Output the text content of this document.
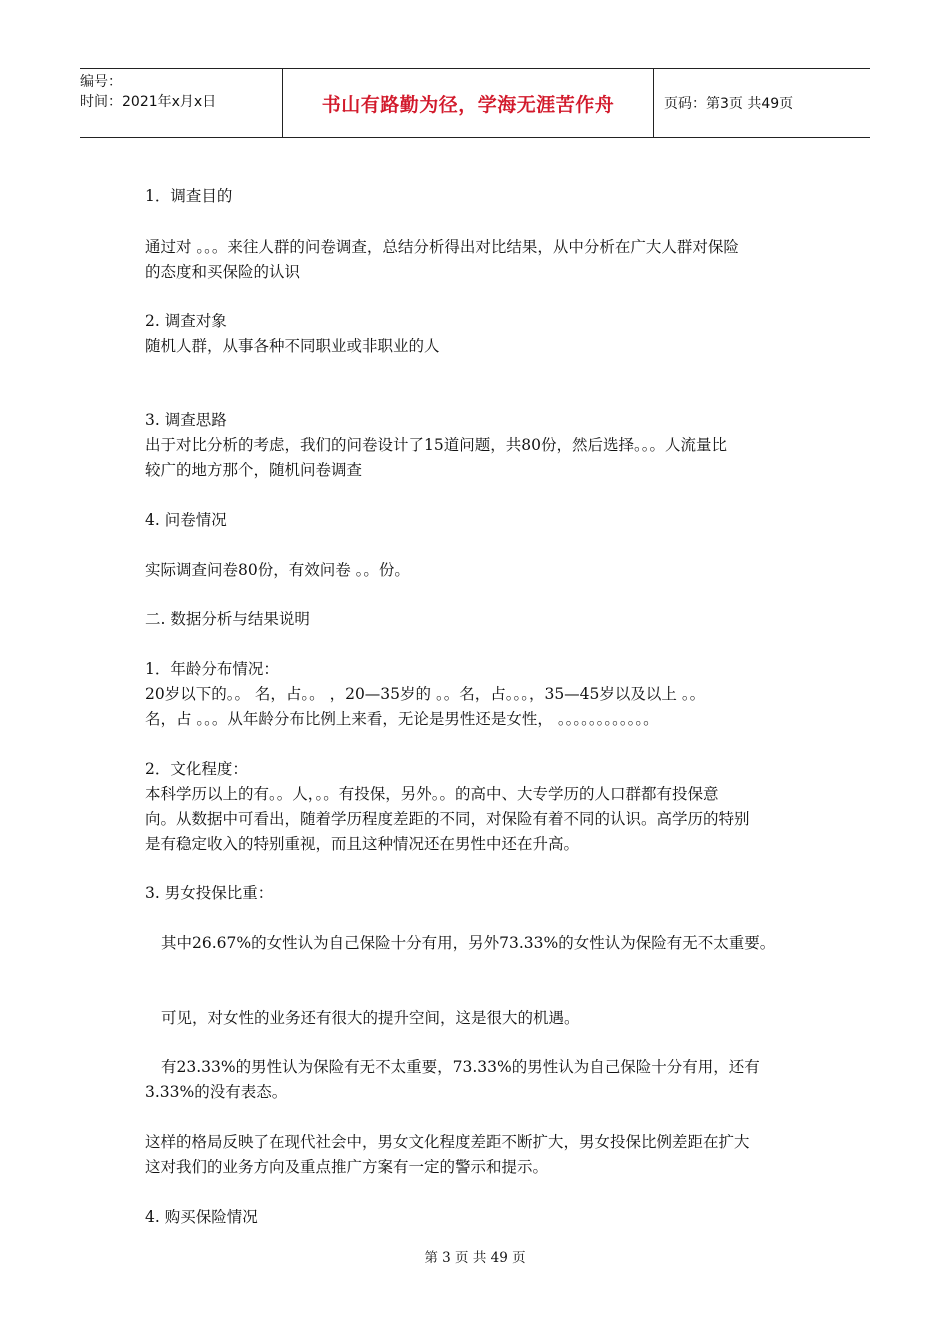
编号：
时间：2021年x月x日	书山有路勤为径，学海无涯苦作舟	页码：第3页 共49页
1．调查目的
通过对 。。。来往人群的问卷调查，总结分析得出对比结果，从中分析在广大人群对保险
的态度和买保险的认识
2. 调查对象
随机人群，从事各种不同职业或非职业的人
3. 调查思路
出于对比分析的考虑，我们的问卷设计了15道问题，共80份，然后选择。。。人流量比
较广的地方那个，随机问卷调查
4. 问卷情况
实际调查问卷80份，有效问卷 。。份。
二. 数据分析与结果说明
1．年龄分布情况：
20岁以下的。。 名，占。。 ，20—35岁的 。。名，占。。。，35—45岁以及以上 。。
名，占 。。。从年龄分布比例上来看，无论是男性还是女性， 。。。。。。。。。。。。
2．文化程度：
本科学历以上的有。。人，。。有投保，另外。。的高中、大专学历的人口群都有投保意
向。从数据中可看出，随着学历程度差距的不同，对保险有着不同的认识。高学历的特别
是有稳定收入的特别重视，而且这种情况还在男性中还在升高。
3. 男女投保比重：
其中26.67%的女性认为自己保险十分有用，另外73.33%的女性认为保险有无不太重要。
可见，对女性的业务还有很大的提升空间，这是很大的机遇。
有23.33%的男性认为保险有无不太重要，73.33%的男性认为自己保险十分有用，还有
3.33%的没有表态。
这样的格局反映了在现代社会中，男女文化程度差距不断扩大，男女投保比例差距在扩大
这对我们的业务方向及重点推广方案有一定的警示和提示。
4. 购买保险情况
第 3 页 共 49 页
